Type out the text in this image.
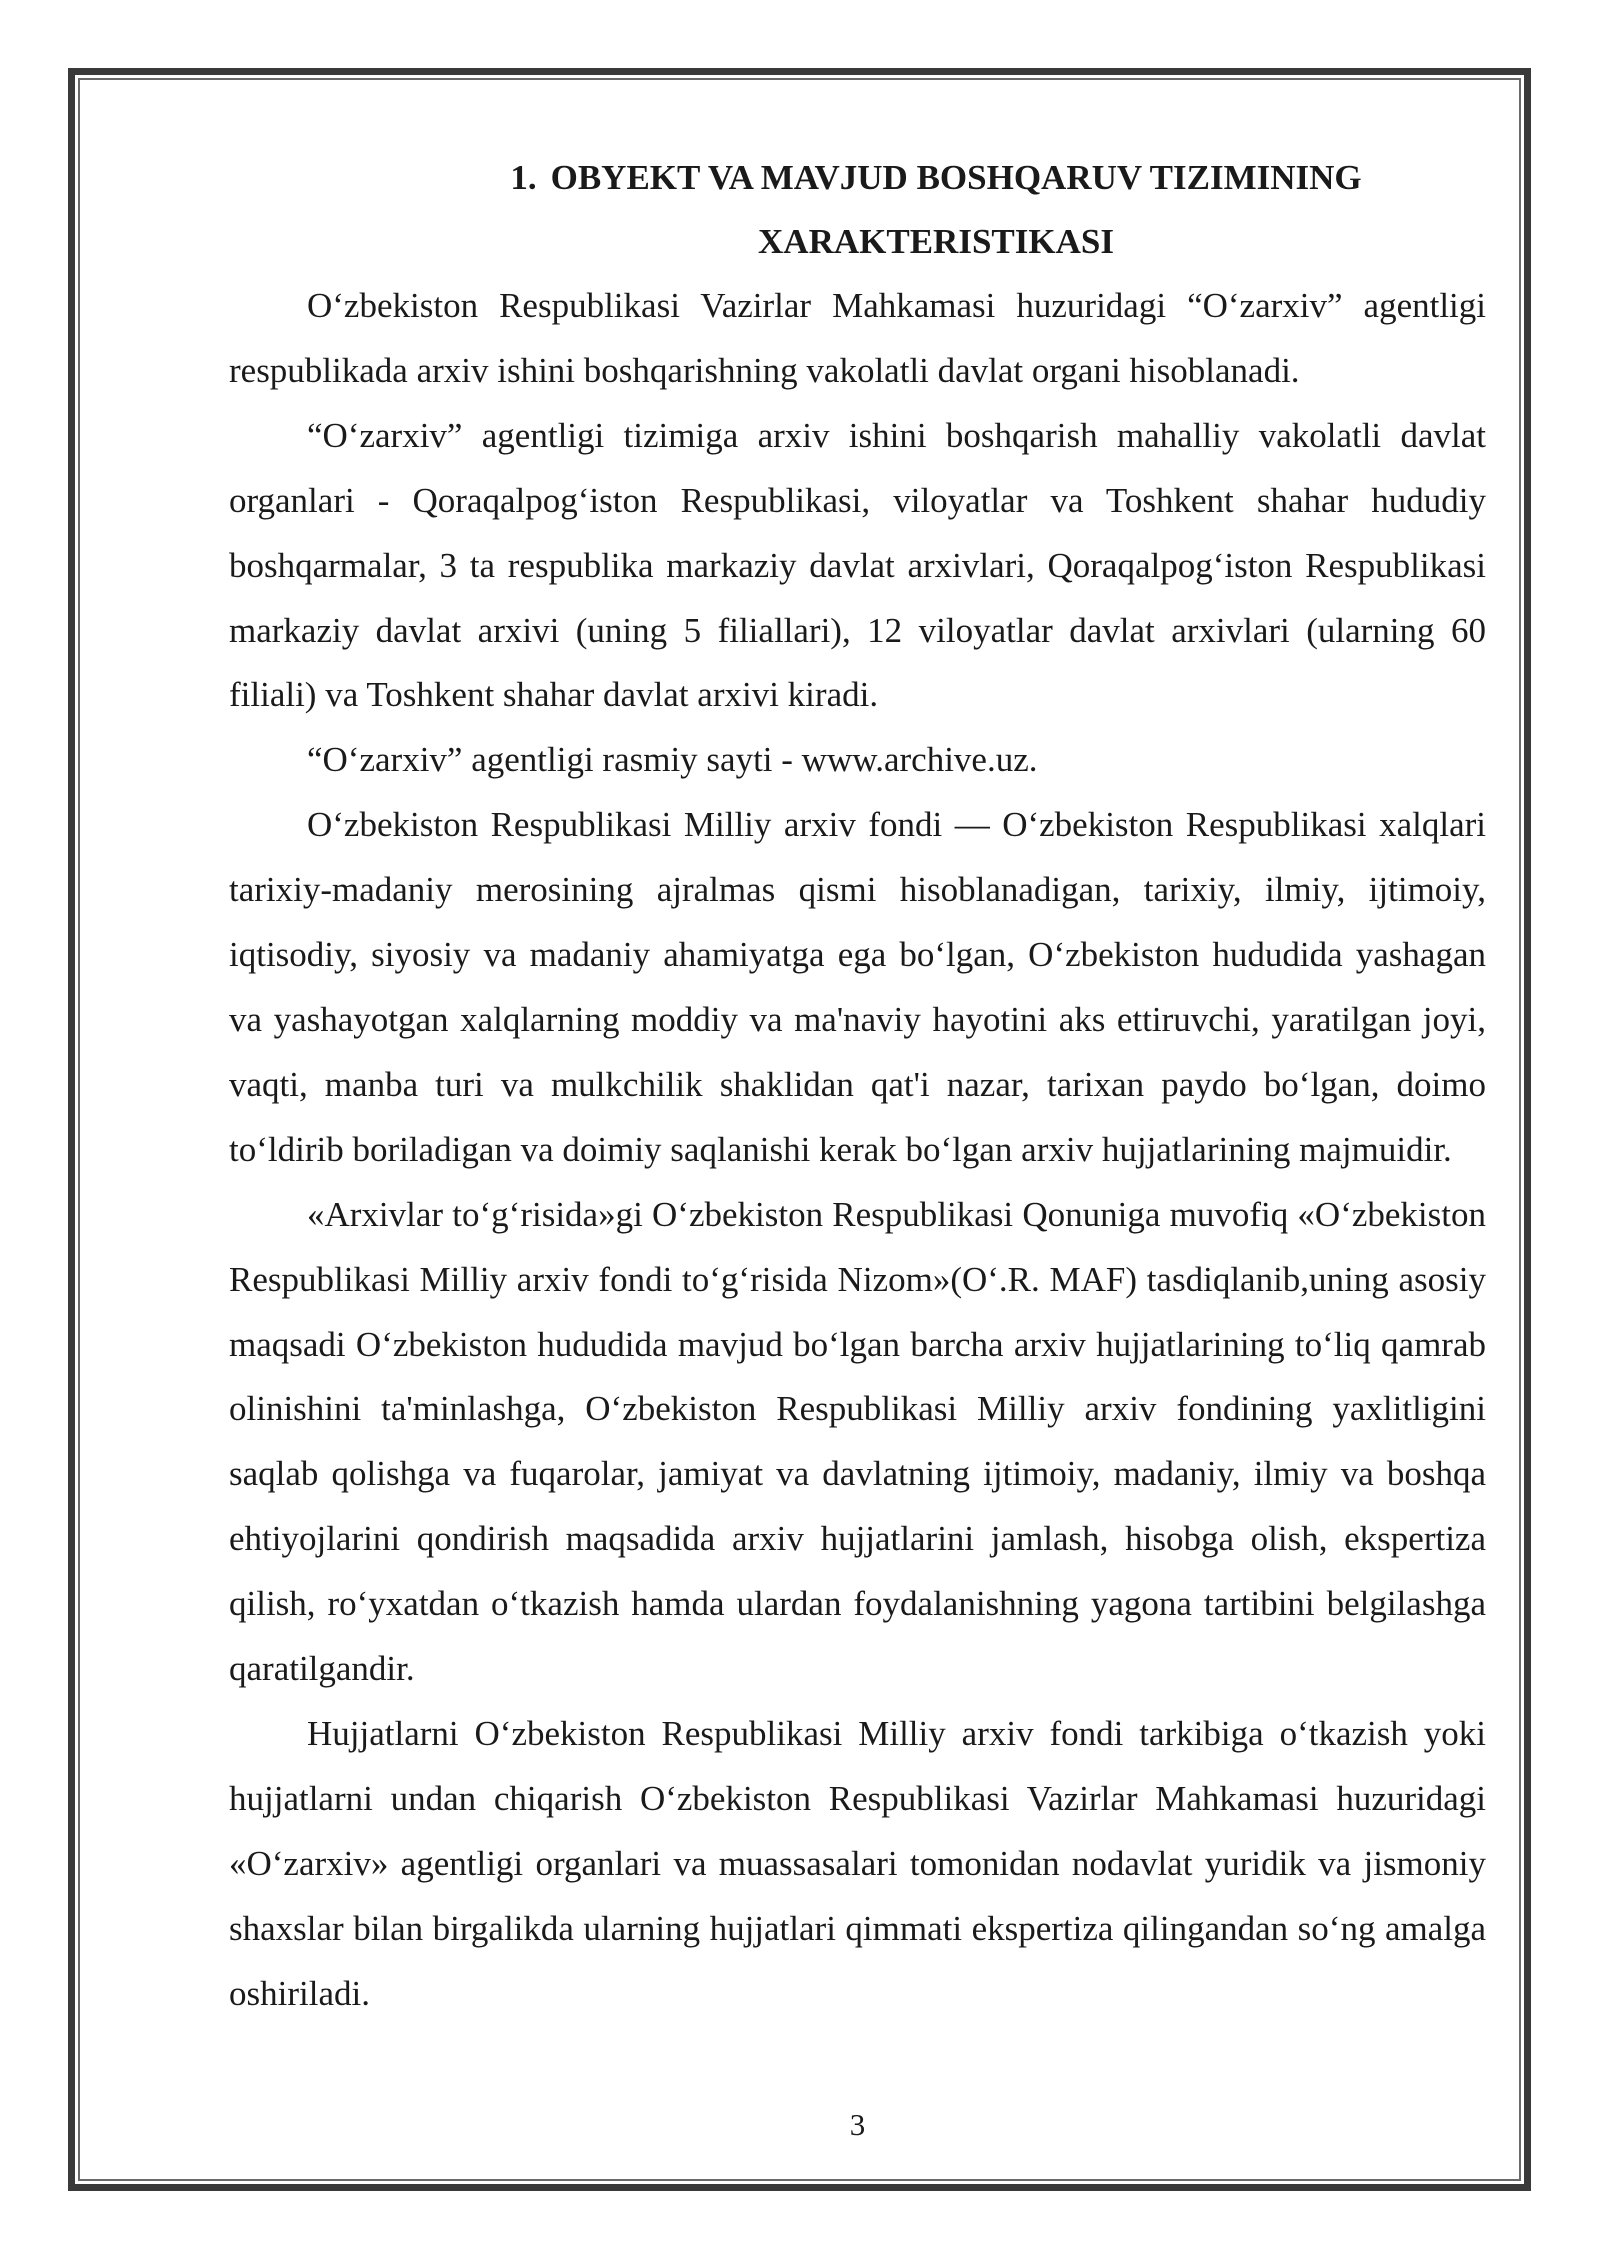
1. OBYEKT VA MAVJUD BOSHQARUV TIZIMINING XARAKTERISTIKASI

O‘zbekiston Respublikasi Vazirlar Mahkamasi huzuridagi “O‘zarxiv” agentligi respublikada arxiv ishini boshqarishning vakolatli davlat organi hisoblanadi.

“O‘zarxiv” agentligi tizimiga arxiv ishini boshqarish mahalliy vakolatli davlat organlari - Qoraqalpog‘iston Respublikasi, viloyatlar va Toshkent shahar hududiy boshqarmalar, 3 ta respublika markaziy davlat arxivlari, Qoraqalpog‘iston Respublikasi markaziy davlat arxivi (uning 5 filiallari), 12 viloyatlar davlat arxivlari (ularning 60 filiali) va Toshkent shahar davlat arxivi kiradi.

“O‘zarxiv” agentligi rasmiy sayti - www.archive.uz.

O‘zbekiston Respublikasi Milliy arxiv fondi — O‘zbekiston Respublikasi xalqlari tarixiy-madaniy merosining ajralmas qismi hisoblanadigan, tarixiy, ilmiy, ijtimoiy, iqtisodiy, siyosiy va madaniy ahamiyatga ega bo‘lgan, O‘zbekiston hududida yashagan va yashayotgan xalqlarning moddiy va ma'naviy hayotini aks ettiruvchi, yaratilgan joyi, vaqti, manba turi va mulkchilik shaklidan qat'i nazar, tarixan paydo bo‘lgan, doimo to‘ldirib boriladigan va doimiy saqlanishi kerak bo‘lgan arxiv hujjatlarining majmuidir.

«Arxivlar to‘g‘risida»gi O‘zbekiston Respublikasi Qonuniga muvofiq «O‘zbekiston Respublikasi Milliy arxiv fondi to‘g‘risida Nizom»(O‘.R. MAF) tasdiqlanib,uning asosiy maqsadi O‘zbekiston hududida mavjud bo‘lgan barcha arxiv hujjatlarining to‘liq qamrab olinishini ta'minlashga, O‘zbekiston Respublikasi Milliy arxiv fondining yaxlitligini saqlab qolishga va fuqarolar, jamiyat va davlatning ijtimoiy, madaniy, ilmiy va boshqa ehtiyojlarini qondirish maqsadida arxiv hujjatlarini jamlash, hisobga olish, ekspertiza qilish, ro‘yxatdan o‘tkazish hamda ulardan foydalanishning yagona tartibini belgilashga qaratilgandir.

Hujjatlarni O‘zbekiston Respublikasi Milliy arxiv fondi tarkibiga o‘tkazish yoki hujjatlarni undan chiqarish O‘zbekiston Respublikasi Vazirlar Mahkamasi huzuridagi «O‘zarxiv» agentligi organlari va muassasalari tomonidan nodavlat yuridik va jismoniy shaxslar bilan birgalikda ularning hujjatlari qimmati ekspertiza qilingandan so‘ng amalga oshiriladi.

3
